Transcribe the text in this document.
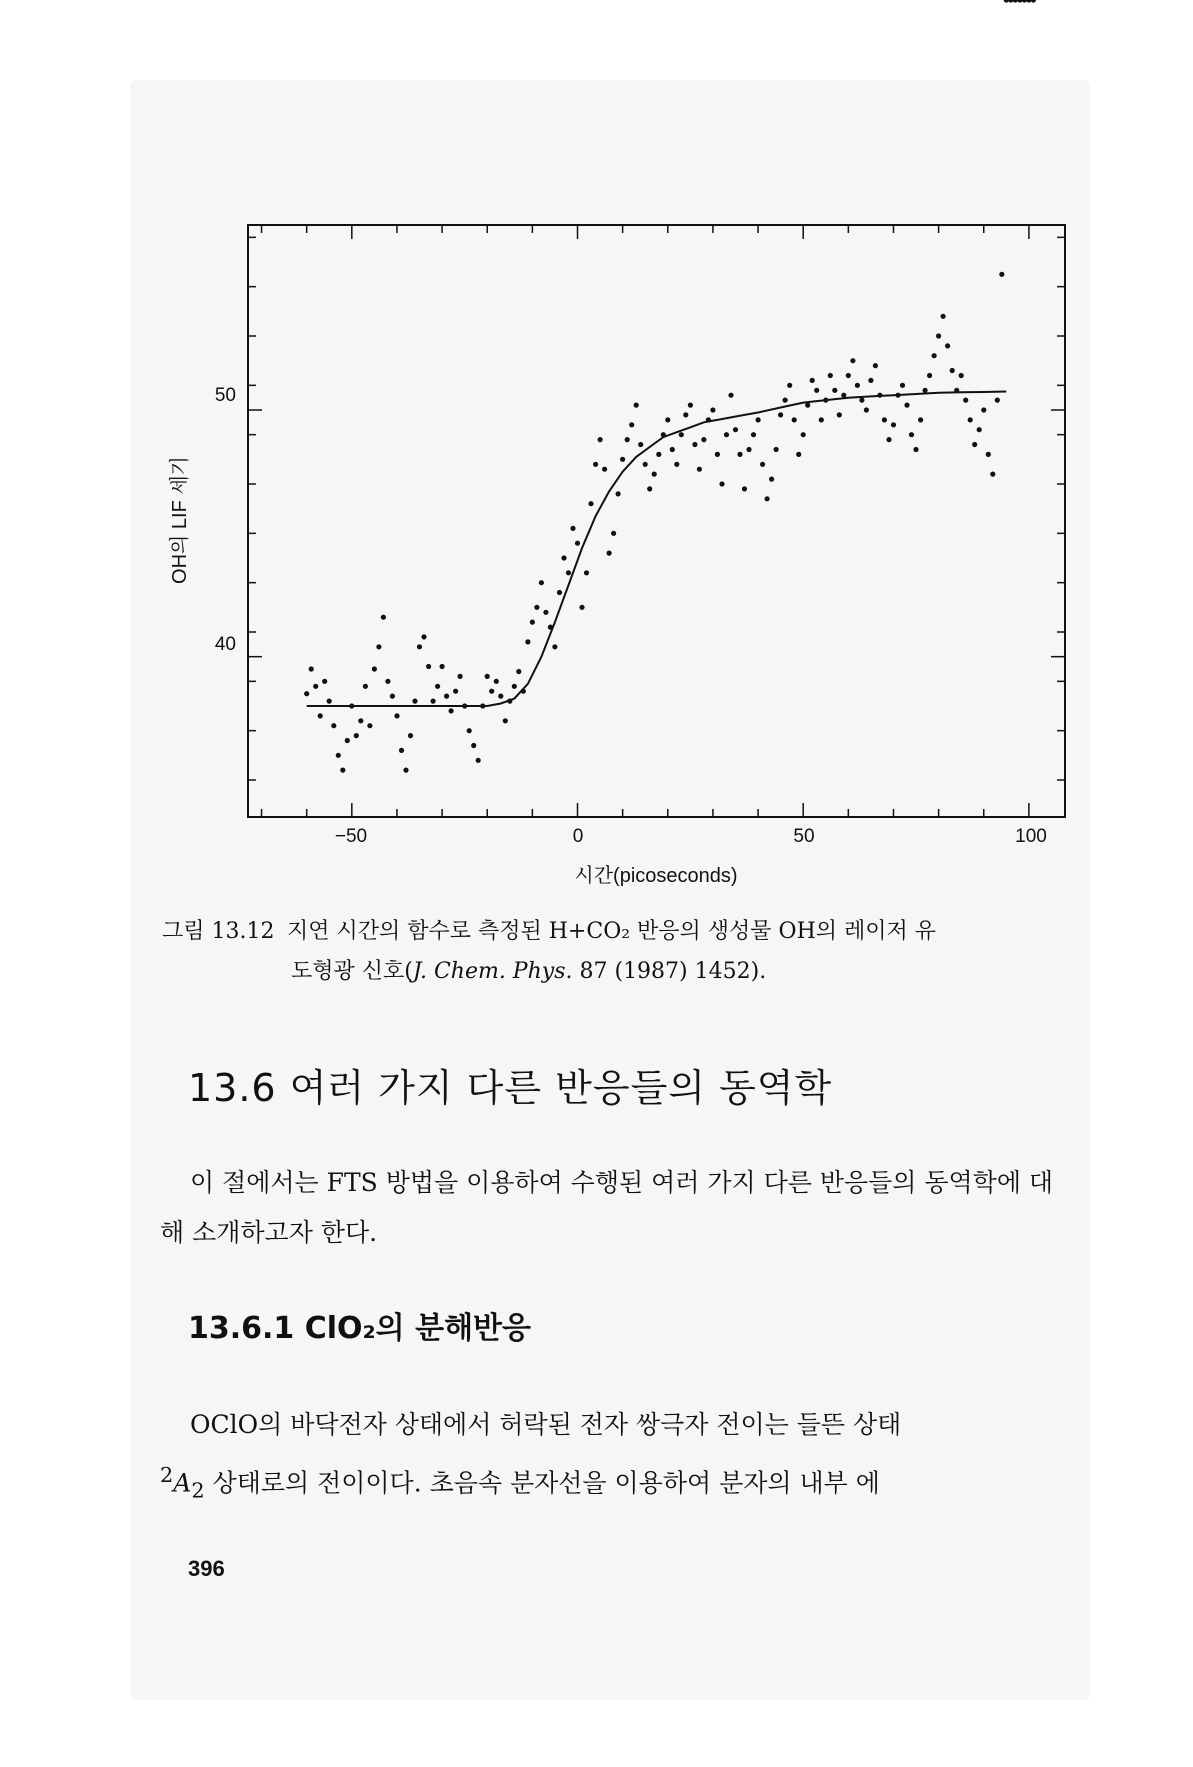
−50	0	50	100
40
50
시간(picoseconds)
OH의 LIF 세기
그림 13.12 지연 시간의 함수로 측정된 H+CO₂ 반응의 생성물 OH의 레이저 유
도형광 신호(J. Chem. Phys. 87 (1987) 1452).
13.6 여러 가지 다른 반응들의 동역학

이 절에서는 FTS 방법을 이용하여 수행된 여러 가지 다른 반응들의 동역학에 대해 소개하고자 한다.

13.6.1 ClO₂의 분해반응

OClO의 바닥전자 상태에서 허락된 전자 쌍극자 전이는 들뜬 상태
$^2A_2$ 상태로의 전이이다. 초음속 분자선을 이용하여 분자의 내부 에

396
